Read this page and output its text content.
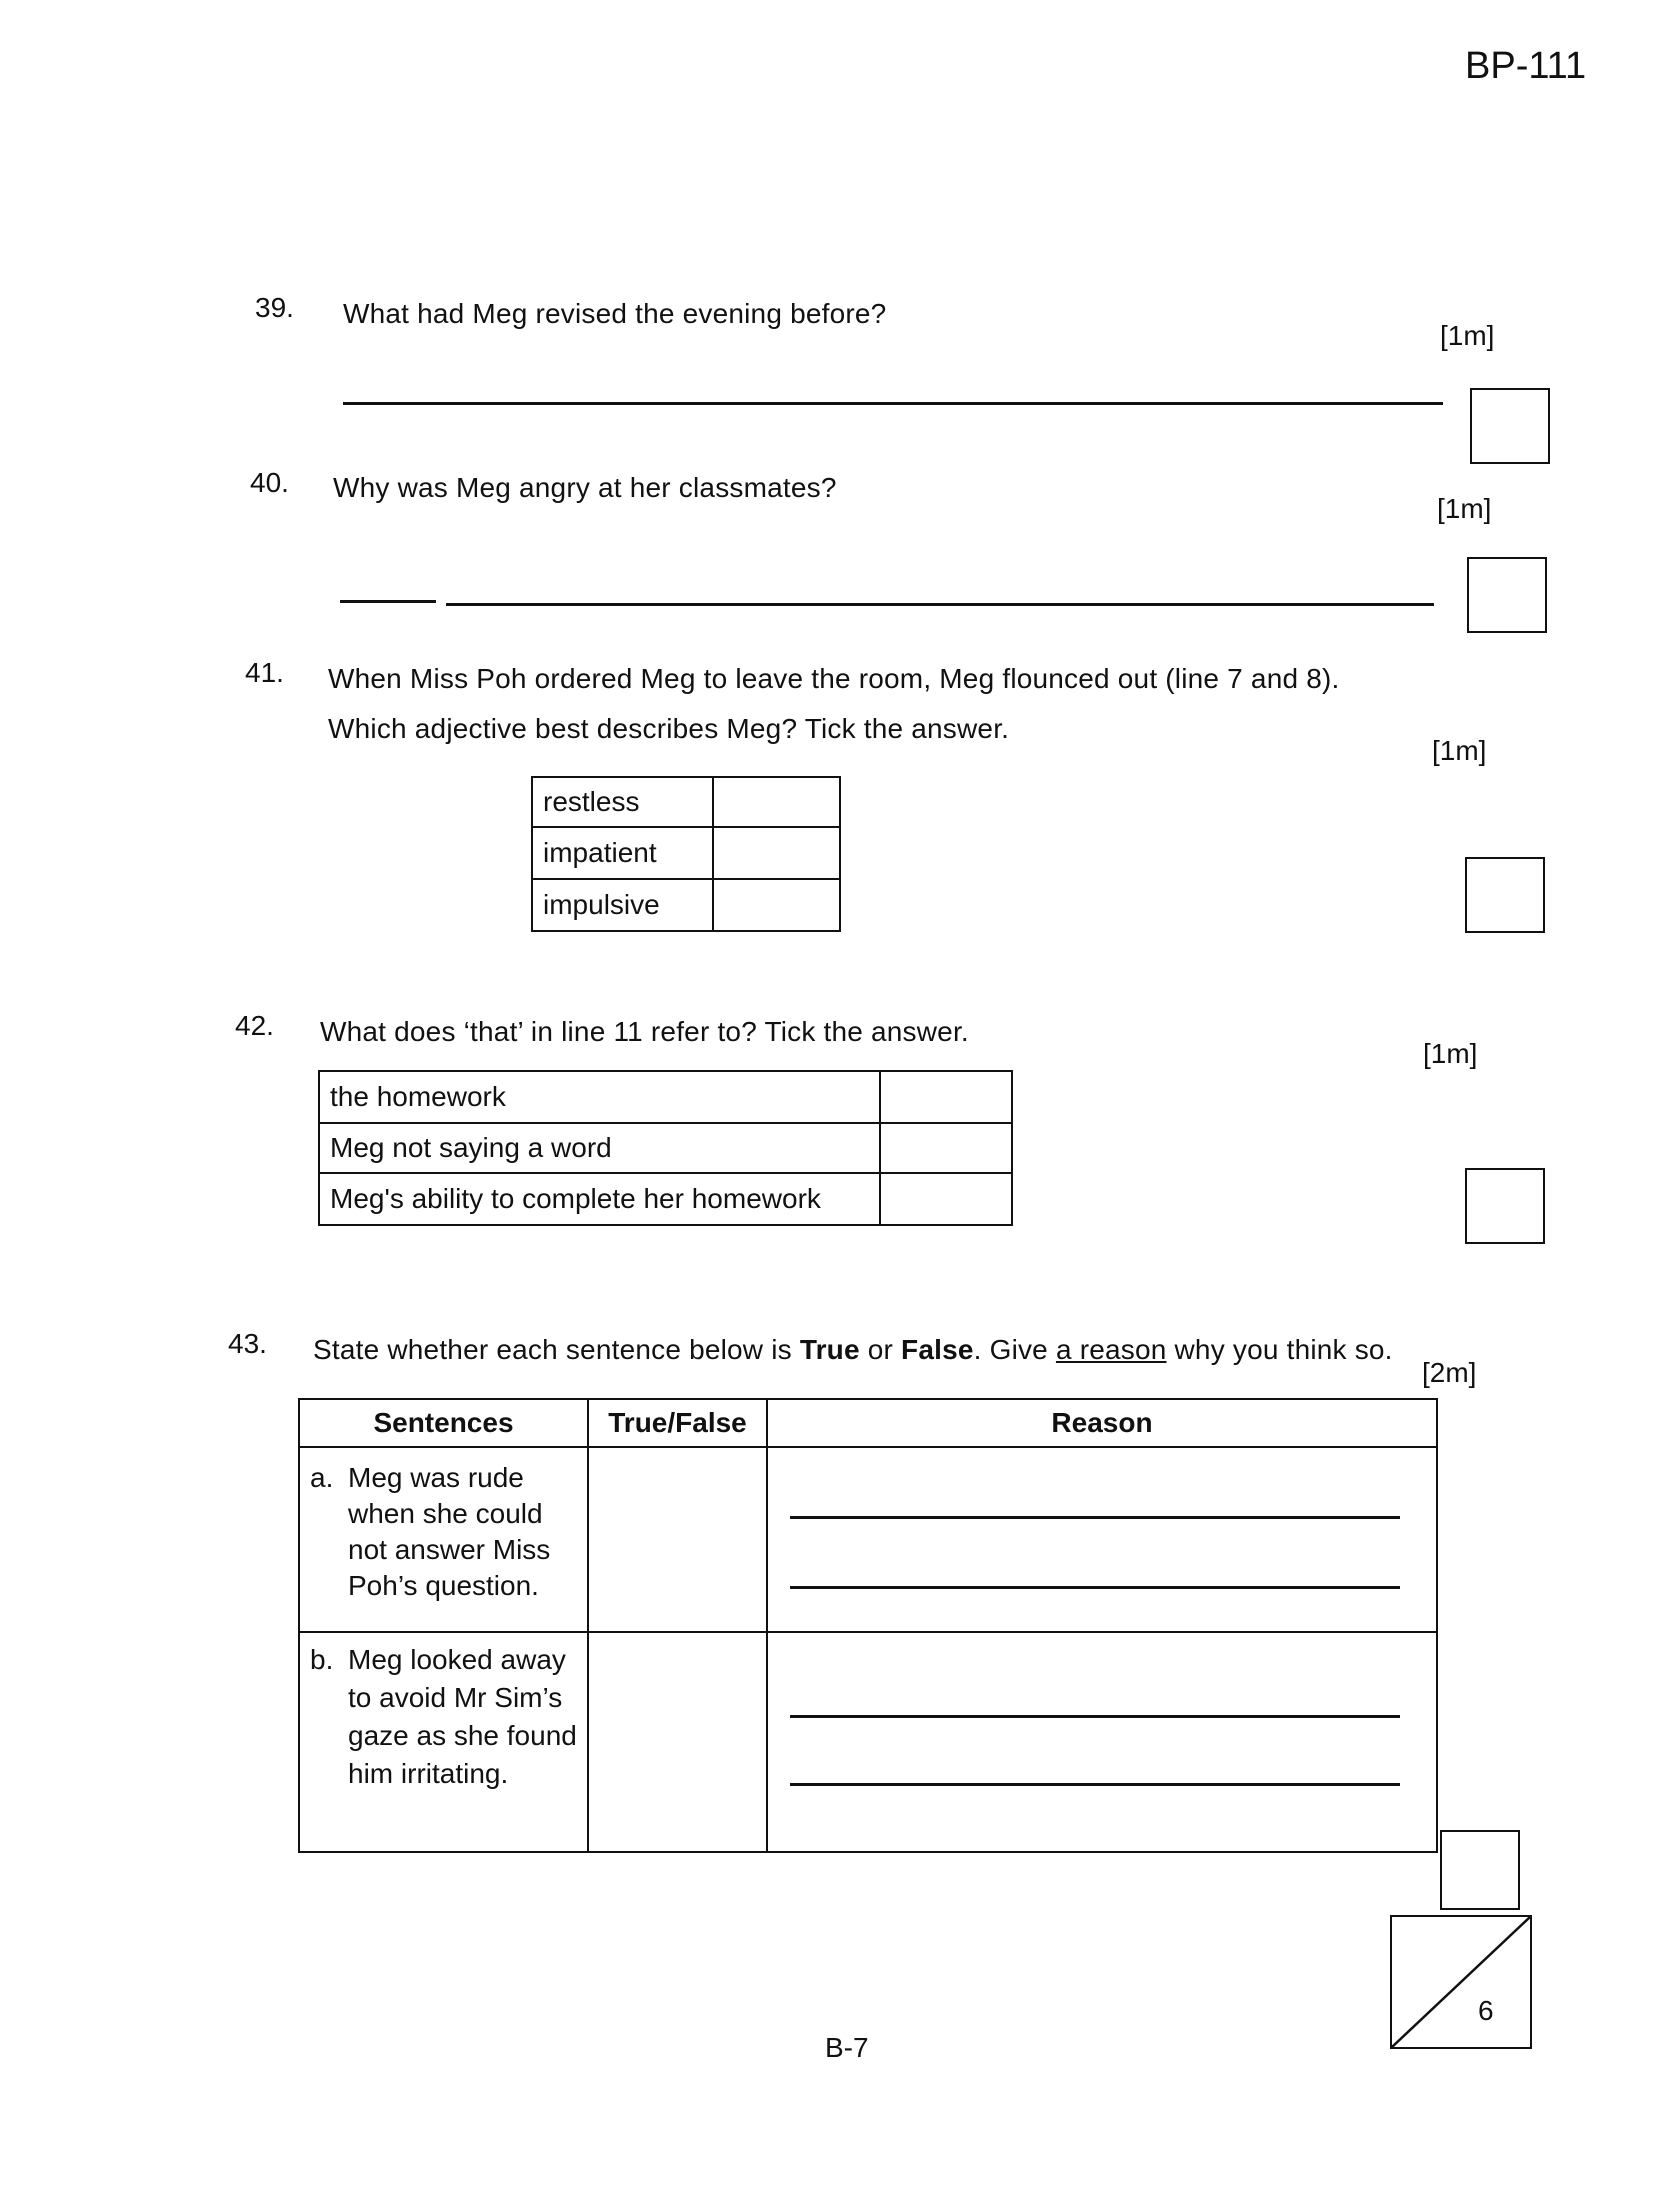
BP-111
39. What had Meg revised the evening before?
[1m]
40. Why was Meg angry at her classmates?
[1m]
41. When Miss Poh ordered Meg to leave the room, Meg flounced out (line 7 and 8).
Which adjective best describes Meg? Tick the answer.
[1m]
restless	
impatient	
impulsive	
42. What does ‘that’ in line 11 refer to? Tick the answer.
[1m]
the homework	
Meg not saying a word	
Meg's ability to complete her homework	
43. State whether each sentence below is True or False. Give a reason why you think so.
[2m]
Sentences	True/False	Reason

a. Meg was rude when she could not answer Miss Poh’s question.		

b. Meg looked away to avoid Mr Sim’s gaze as she found him irritating.		

6
B-7
